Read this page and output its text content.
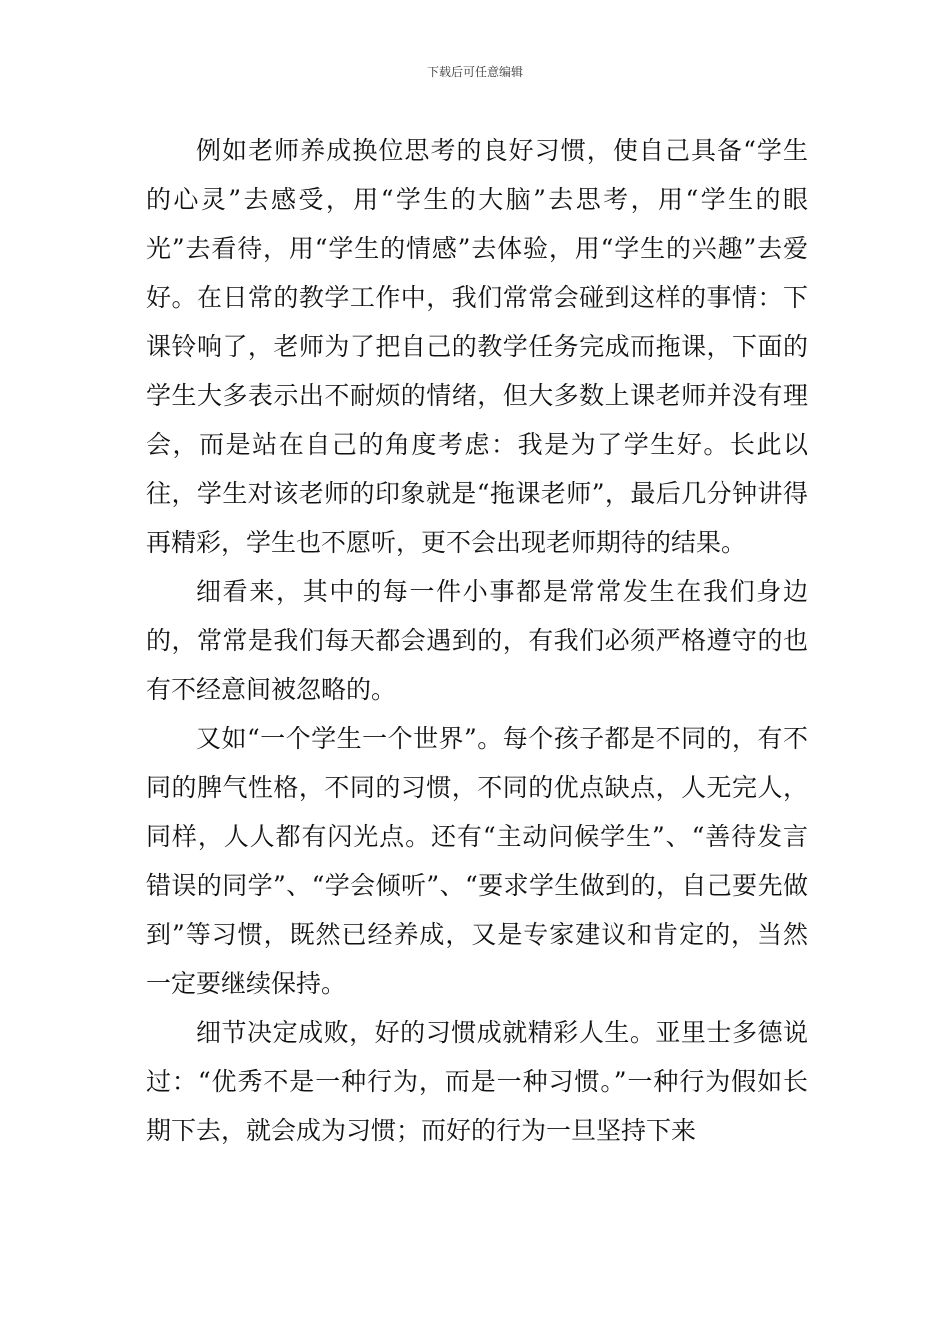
下载后可任意编辑

例如老师养成换位思考的良好习惯，使自己具备“学生的心灵”去感受，用“学生的大脑”去思考，用“学生的眼光”去看待，用“学生的情感”去体验，用“学生的兴趣”去爱好。在日常的教学工作中，我们常常会碰到这样的事情：下课铃响了，老师为了把自己的教学任务完成而拖课，下面的学生大多表示出不耐烦的情绪，但大多数上课老师并没有理会，而是站在自己的角度考虑：我是为了学生好。长此以往，学生对该老师的印象就是“拖课老师”，最后几分钟讲得再精彩，学生也不愿听，更不会出现老师期待的结果。

细看来，其中的每一件小事都是常常发生在我们身边的，常常是我们每天都会遇到的，有我们必须严格遵守的也有不经意间被忽略的。

又如“一个学生一个世界”。每个孩子都是不同的，有不同的脾气性格，不同的习惯，不同的优点缺点，人无完人，同样，人人都有闪光点。还有“主动问候学生”、“善待发言错误的同学”、“学会倾听”、“要求学生做到的，自己要先做到”等习惯，既然已经养成，又是专家建议和肯定的，当然一定要继续保持。

细节决定成败，好的习惯成就精彩人生。亚里士多德说过：“优秀不是一种行为，而是一种习惯。”一种行为假如长期下去，就会成为习惯；而好的行为一旦坚持下来
